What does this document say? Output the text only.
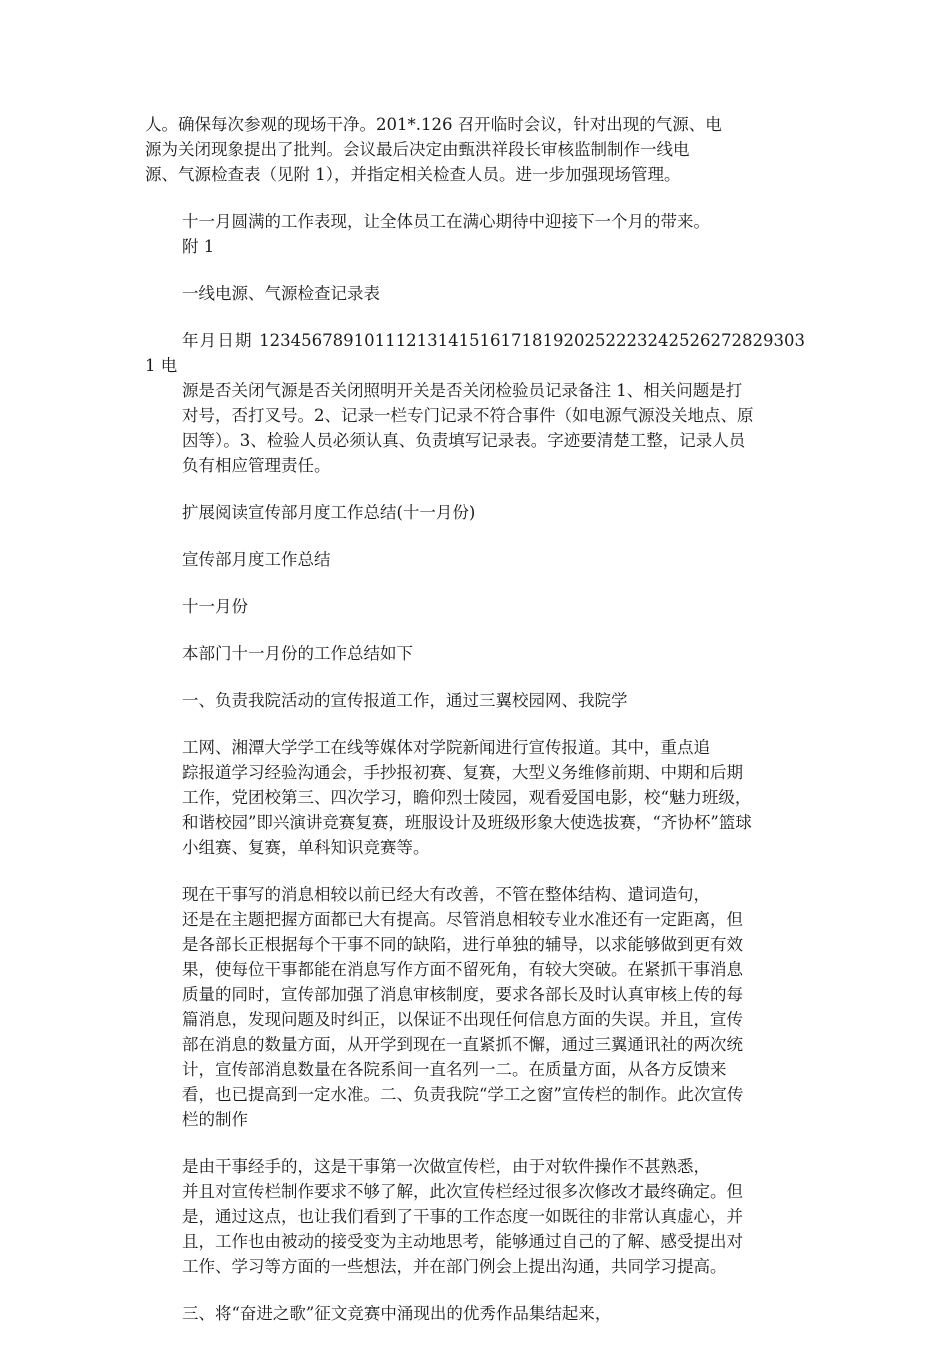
人。确保每次参观的现场干净。201*.126 召开临时会议，针对出现的气源、电
源为关闭现象提出了批判。会议最后决定由甄洪祥段长审核监制制作一线电
源、气源检查表（见附 1），并指定相关检查人员。进一步加强现场管理。

十一月圆满的工作表现，让全体员工在满心期待中迎接下一个月的带来。
附 1

一线电源、气源检查记录表

年月日期 12345678910111213141516171819202522232425262728293031 电
源是否关闭气源是否关闭照明开关是否关闭检验员记录备注 1、相关问题是打
对号，否打叉号。2、记录一栏专门记录不符合事件（如电源气源没关地点、原
因等）。3、检验人员必须认真、负责填写记录表。字迹要清楚工整，记录人员
负有相应管理责任。

扩展阅读宣传部月度工作总结(十一月份)

宣传部月度工作总结

十一月份

本部门十一月份的工作总结如下

一、负责我院活动的宣传报道工作，通过三翼校园网、我院学

工网、湘潭大学学工在线等媒体对学院新闻进行宣传报道。其中，重点追
踪报道学习经验沟通会，手抄报初赛、复赛，大型义务维修前期、中期和后期
工作，党团校第三、四次学习，瞻仰烈士陵园，观看爱国电影，校“魅力班级，
和谐校园”即兴演讲竞赛复赛，班服设计及班级形象大使选拔赛，“齐协杯”篮球
小组赛、复赛，单科知识竞赛等。

现在干事写的消息相较以前已经大有改善，不管在整体结构、遣词造句，
还是在主题把握方面都已大有提高。尽管消息相较专业水准还有一定距离，但
是各部长正根据每个干事不同的缺陷，进行单独的辅导，以求能够做到更有效
果，使每位干事都能在消息写作方面不留死角，有较大突破。在紧抓干事消息
质量的同时，宣传部加强了消息审核制度，要求各部长及时认真审核上传的每
篇消息，发现问题及时纠正，以保证不出现任何信息方面的失误。并且，宣传
部在消息的数量方面，从开学到现在一直紧抓不懈，通过三翼通讯社的两次统
计，宣传部消息数量在各院系间一直名列一二。在质量方面，从各方反馈来
看，也已提高到一定水准。二、负责我院“学工之窗”宣传栏的制作。此次宣传
栏的制作

是由干事经手的，这是干事第一次做宣传栏，由于对软件操作不甚熟悉，
并且对宣传栏制作要求不够了解，此次宣传栏经过很多次修改才最终确定。但
是，通过这点，也让我们看到了干事的工作态度一如既往的非常认真虚心，并
且，工作也由被动的接受变为主动地思考，能够通过自己的了解、感受提出对
工作、学习等方面的一些想法，并在部门例会上提出沟通，共同学习提高。

三、将“奋进之歌”征文竞赛中涌现出的优秀作品集结起来，
